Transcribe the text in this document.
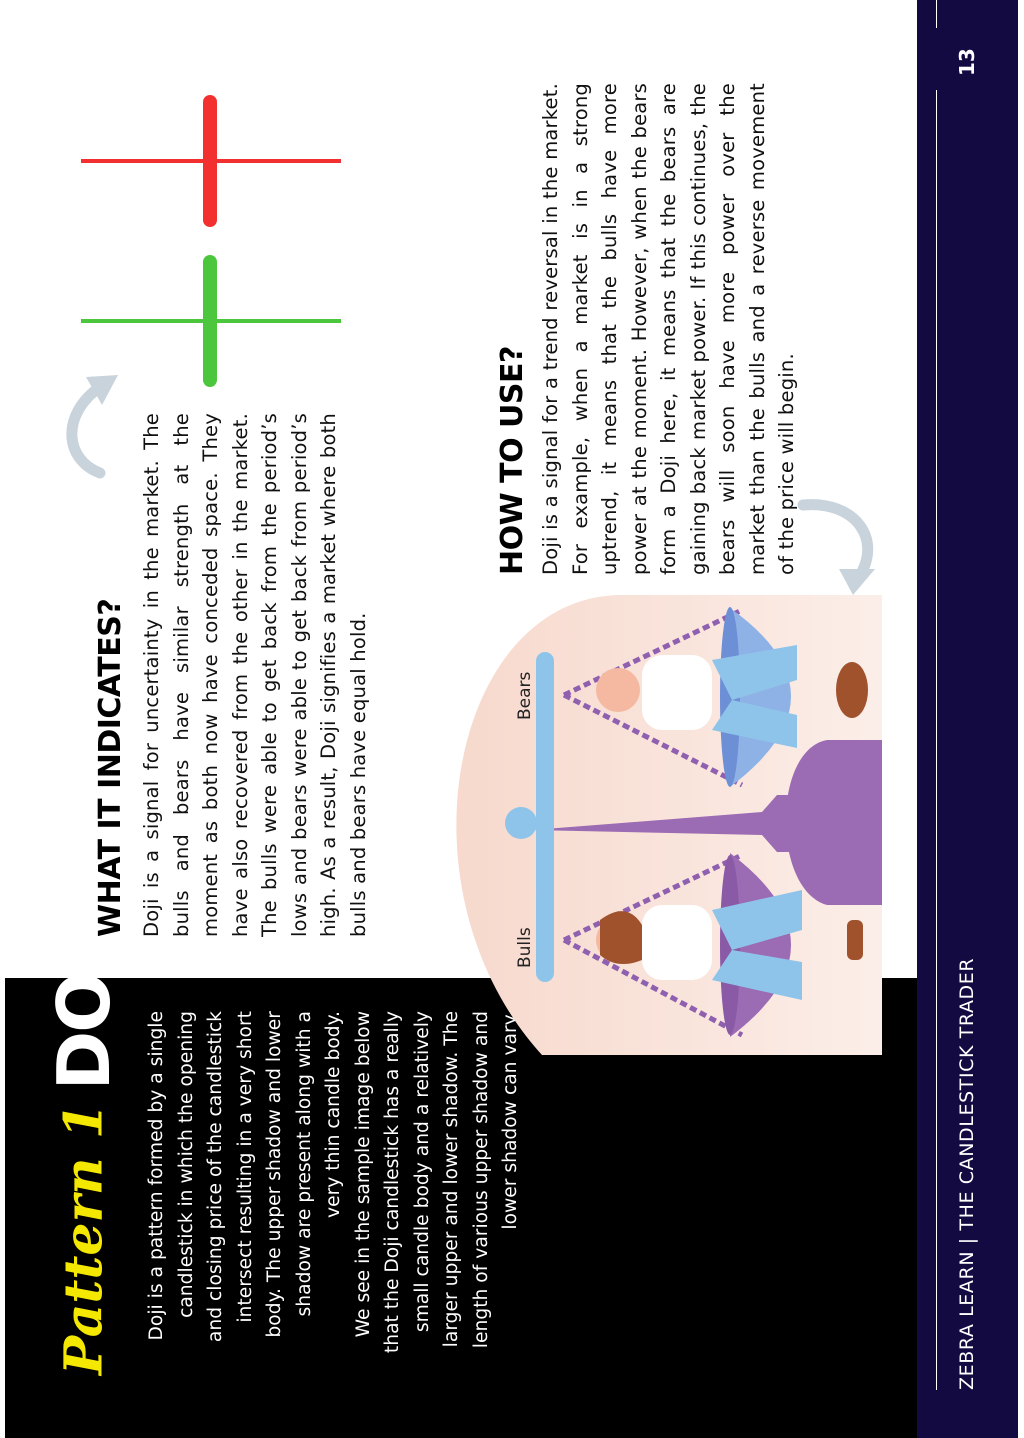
ZEBRA LEARN | THE CANDLESTICK TRADER
13
Pattern 1 DOJI
Doji is a pattern formed by a single candlestick in which the opening and closing price of the candlestick intersect resulting in a very short body. The upper shadow and lower shadow are present along with a very thin candle body. We see in the sample image below that the Doji candlestick has a really small candle body and a relatively larger upper and lower shadow. The length of various upper shadow and lower shadow can vary.
WHAT IT INDICATES? Doji is a signal for uncertainty in the market. The bulls and bears have similar strength at the moment as both now have conceded space. They have also recovered from the other in the market. The bulls were able to get back from the period’s lows and bears were able to get back from period’s high. As a result, Doji signifies a market where both bulls and bears have equal hold.
HOW TO USE? Doji is a signal for a trend reversal in the market. For example, when a market is in a strong uptrend, it means that the bulls have more power at the moment. However, when the bears form a Doji here, it means that the bears are gaining back market power. If this continues, the bears will soon have more power over the market than the bulls and a reverse movement of the price will begin.
Bears
Bulls
